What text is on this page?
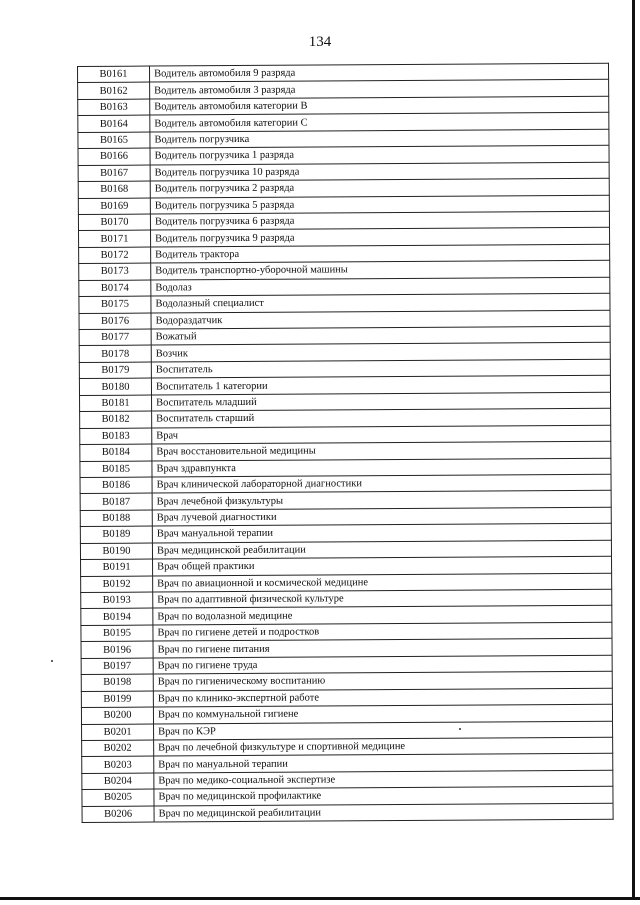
134
B0161	Водитель автомобиля 9 разряда
B0162	Водитель автомобиля 3 разряда
B0163	Водитель автомобиля категории B
B0164	Водитель автомобиля категории C
B0165	Водитель погрузчика
B0166	Водитель погрузчика 1 разряда
B0167	Водитель погрузчика 10 разряда
B0168	Водитель погрузчика 2 разряда
B0169	Водитель погрузчика 5 разряда
B0170	Водитель погрузчика 6 разряда
B0171	Водитель погрузчика 9 разряда
B0172	Водитель трактора
B0173	Водитель транспортно-уборочной машины
B0174	Водолаз
B0175	Водолазный специалист
B0176	Водораздатчик
B0177	Вожатый
B0178	Возчик
B0179	Воспитатель
B0180	Воспитатель 1 категории
B0181	Воспитатель младший
B0182	Воспитатель старший
B0183	Врач
B0184	Врач восстановительной медицины
B0185	Врач здравпункта
B0186	Врач клинической лабораторной диагностики
B0187	Врач лечебной физкультуры
B0188	Врач лучевой диагностики
B0189	Врач мануальной терапии
B0190	Врач медицинской реабилитации
B0191	Врач общей практики
B0192	Врач по авиационной и космической медицине
B0193	Врач по адаптивной физической культуре
B0194	Врач по водолазной медицине
B0195	Врач по гигиене детей и подростков
B0196	Врач по гигиене питания
B0197	Врач по гигиене труда
B0198	Врач по гигиеническому воспитанию
B0199	Врач по клинико-экспертной работе
B0200	Врач по коммунальной гигиене
B0201	Врач по КЭР
B0202	Врач по лечебной физкультуре и спортивной медицине
B0203	Врач по мануальной терапии
B0204	Врач по медико-социальной экспертизе
B0205	Врач по медицинской профилактике
B0206	Врач по медицинской реабилитации
